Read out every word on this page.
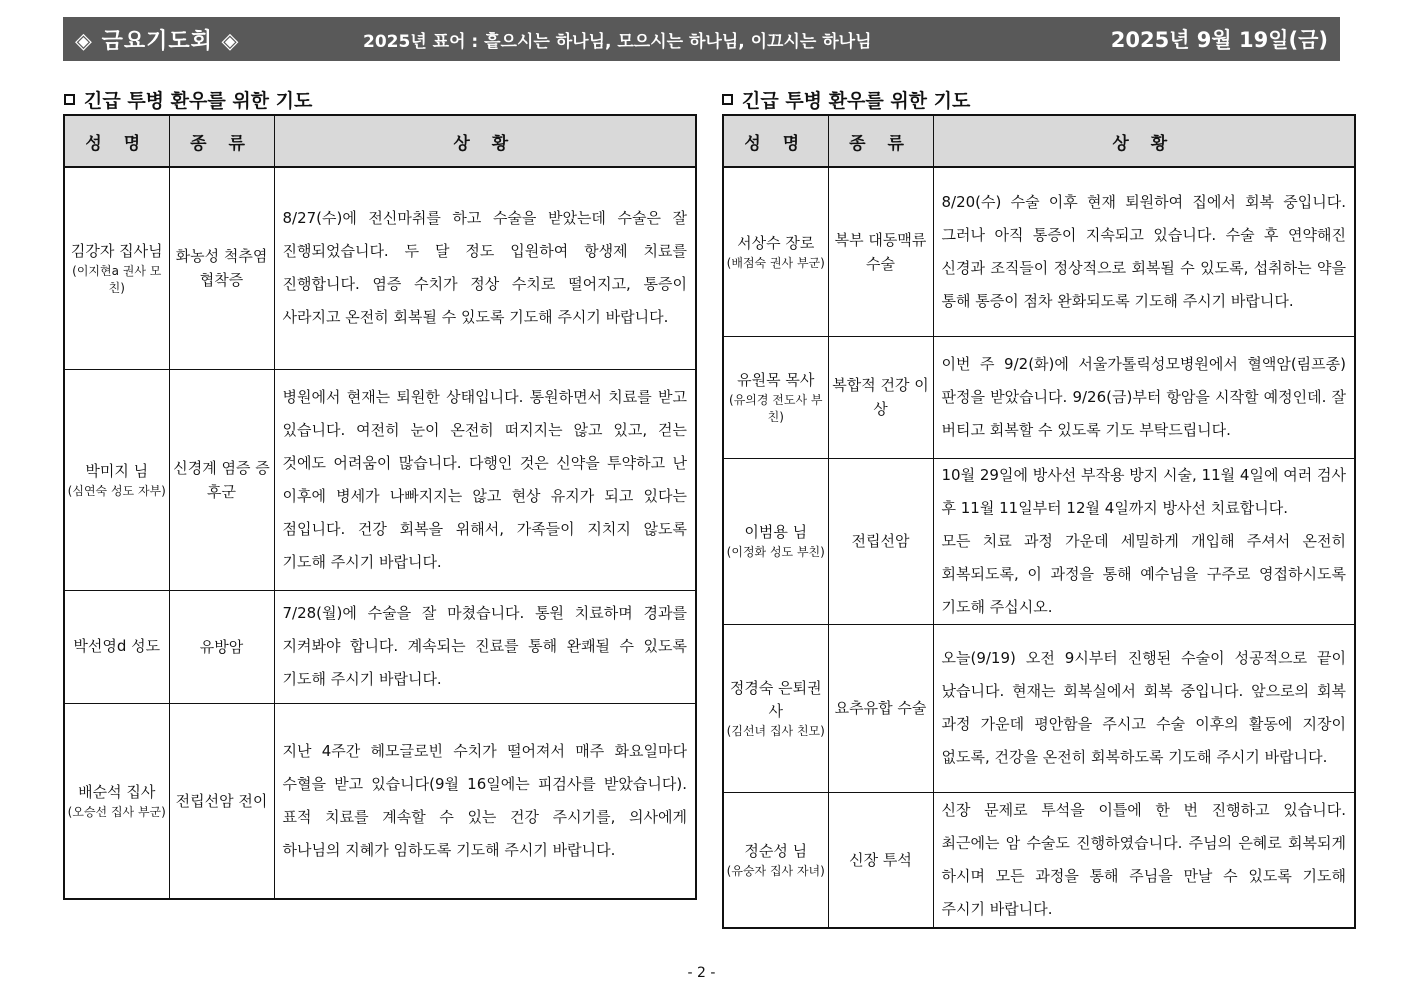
◈ 금요기도회 ◈	2025년 표어 : 흩으시는 하나님, 모으시는 하나님, 이끄시는 하나님	2025년 9월 19일(금)
긴급 투병 환우를 위한 기도	긴급 투병 환우를 위한 기도
성 명	종 류	상 황
김강자 집사님
(이지현a 권사 모친)	화농성 척추염 협착증	8/27(수)에 전신마취를 하고 수술을 받았는데 수술은 잘 진행되었습니다. 두 달 정도 입원하여 항생제 치료를 진행합니다. 염증 수치가 정상 수치로 떨어지고, 통증이 사라지고 온전히 회복될 수 있도록 기도해 주시기 바랍니다.
박미지 님
(심연숙 성도 자부)	신경계 염증 증후군	병원에서 현재는 퇴원한 상태입니다. 통원하면서 치료를 받고 있습니다. 여전히 눈이 온전히 떠지지는 않고 있고, 걷는 것에도 어려움이 많습니다. 다행인 것은 신약을 투약하고 난 이후에 병세가 나빠지지는 않고 현상 유지가 되고 있다는 점입니다. 건강 회복을 위해서, 가족들이 지치지 않도록 기도해 주시기 바랍니다.
박선영d 성도	유방암	7/28(월)에 수술을 잘 마쳤습니다. 통원 치료하며 경과를 지켜봐야 합니다. 계속되는 진료를 통해 완쾌될 수 있도록 기도해 주시기 바랍니다.
배순석 집사
(오승선 집사 부군)	전립선암 전이	지난 4주간 헤모글로빈 수치가 떨어져서 매주 화요일마다 수혈을 받고 있습니다(9월 16일에는 피검사를 받았습니다). 표적 치료를 계속할 수 있는 건강 주시기를, 의사에게 하나님의 지혜가 임하도록 기도해 주시기 바랍니다.
성 명	종 류	상 황
서상수 장로
(배점숙 권사 부군)	복부 대동맥류 수술	8/20(수) 수술 이후 현재 퇴원하여 집에서 회복 중입니다. 그러나 아직 통증이 지속되고 있습니다. 수술 후 연약해진 신경과 조직들이 정상적으로 회복될 수 있도록, 섭취하는 약을 통해 통증이 점차 완화되도록 기도해 주시기 바랍니다.
유원목 목사
(유의경 전도사 부친)	복합적 건강 이상	이번 주 9/2(화)에 서울가톨릭성모병원에서 혈액암(림프종) 판정을 받았습니다. 9/26(금)부터 항암을 시작할 예정인데. 잘 버티고 회복할 수 있도록 기도 부탁드립니다.
이범용 님
(이정화 성도 부친)	전립선암	10월 29일에 방사선 부작용 방지 시술, 11월 4일에 여러 검사 후 11월 11일부터 12월 4일까지 방사선 치료합니다.
모든 치료 과정 가운데 세밀하게 개입해 주셔서 온전히 회복되도록, 이 과정을 통해 예수님을 구주로 영접하시도록 기도해 주십시오.
정경숙 은퇴권사
(김선녀 집사 친모)	요추유합 수술	오늘(9/19) 오전 9시부터 진행된 수술이 성공적으로 끝이 났습니다. 현재는 회복실에서 회복 중입니다. 앞으로의 회복 과정 가운데 평안함을 주시고 수술 이후의 활동에 지장이 없도록, 건강을 온전히 회복하도록 기도해 주시기 바랍니다.
정순성 님
(유숭자 집사 자녀)	신장 투석	신장 문제로 투석을 이틀에 한 번 진행하고 있습니다. 최근에는 암 수술도 진행하였습니다. 주님의 은혜로 회복되게 하시며 모든 과정을 통해 주님을 만날 수 있도록 기도해 주시기 바랍니다.
- 2 -
